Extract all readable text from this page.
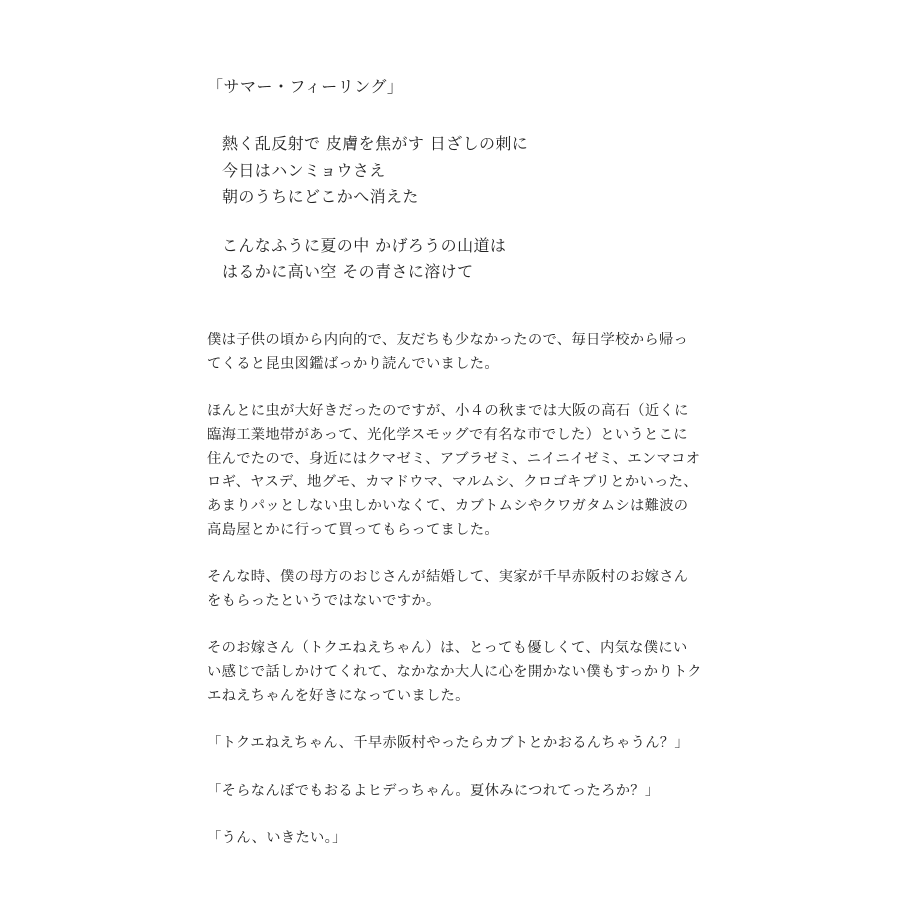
「サマー・フィーリング」
熱く乱反射で 皮膚を焦がす 日ざしの刺に
今日はハンミョウさえ
朝のうちにどこかへ消えた
こんなふうに夏の中 かげろうの山道は
はるかに高い空 その青さに溶けて
僕は子供の頃から内向的で、友だちも少なかったので、毎日学校から帰っ
てくると昆虫図鑑ばっかり読んでいました。
ほんとに虫が大好きだったのですが、小４の秋までは大阪の高石（近くに
臨海工業地帯があって、光化学スモッグで有名な市でした）というとこに
住んでたので、身近にはクマゼミ、アブラゼミ、ニイニイゼミ、エンマコオ
ロギ、ヤスデ、地グモ、カマドウマ、マルムシ、クロゴキブリとかいった、
あまりパッとしない虫しかいなくて、カブトムシやクワガタムシは難波の
高島屋とかに行って買ってもらってました。
そんな時、僕の母方のおじさんが結婚して、実家が千早赤阪村のお嫁さん
をもらったというではないですか。
そのお嫁さん（トクエねえちゃん）は、とっても優しくて、内気な僕にい
い感じで話しかけてくれて、なかなか大人に心を開かない僕もすっかりトク
エねえちゃんを好きになっていました。
「トクエねえちゃん、千早赤阪村やったらカブトとかおるんちゃうん？」
「そらなんぼでもおるよヒデっちゃん。夏休みにつれてったろか？」
「うん、いきたい。」
